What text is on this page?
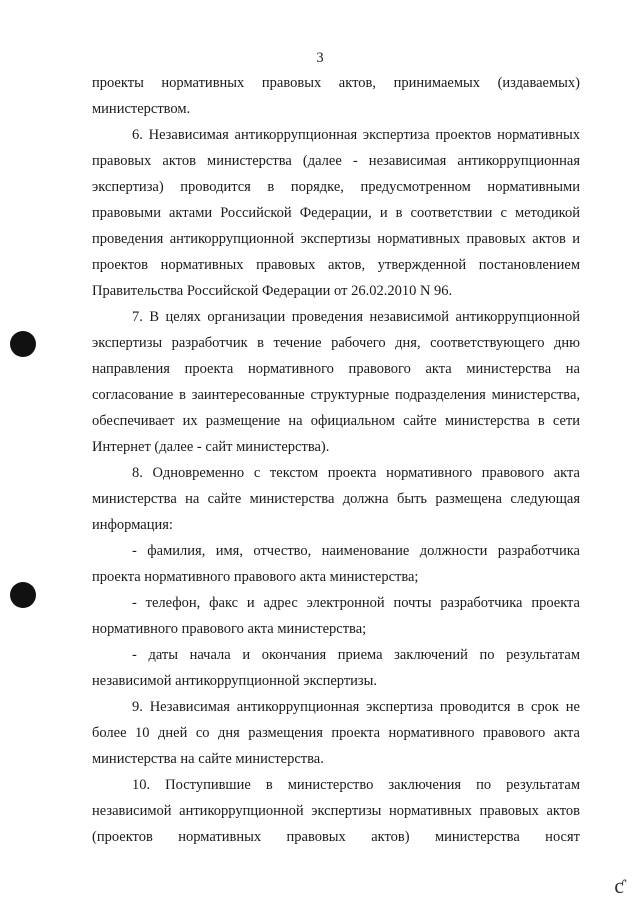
3

проекты нормативных правовых актов, принимаемых (издаваемых) министерством.

6. Независимая антикоррупционная экспертиза проектов нормативных правовых актов министерства (далее - независимая антикоррупционная экспертиза) проводится в порядке, предусмотренном нормативными правовыми актами Российской Федерации, и в соответствии с методикой проведения антикоррупционной экспертизы нормативных правовых актов и проектов нормативных правовых актов, утвержденной постановлением Правительства Российской Федерации от 26.02.2010 N 96.

7. В целях организации проведения независимой антикоррупционной экспертизы разработчик в течение рабочего дня, соответствующего дню направления проекта нормативного правового акта министерства на согласование в заинтересованные структурные подразделения министерства, обеспечивает их размещение на официальном сайте министерства в сети Интернет (далее - сайт министерства).

8. Одновременно с текстом проекта нормативного правового акта министерства на сайте министерства должна быть размещена следующая информация:

- фамилия, имя, отчество, наименование должности разработчика проекта нормативного правового акта министерства;

- телефон, факс и адрес электронной почты разработчика проекта нормативного правового акта министерства;

- даты начала и окончания приема заключений по результатам независимой антикоррупционной экспертизы.

9. Независимая антикоррупционная экспертиза проводится в срок не более 10 дней со дня размещения проекта нормативного правового акта министерства на сайте министерства.

10. Поступившие в министерство заключения по результатам независимой антикоррупционной экспертизы нормативных правовых актов (проектов нормативных правовых актов) министерства носят

ƈ
